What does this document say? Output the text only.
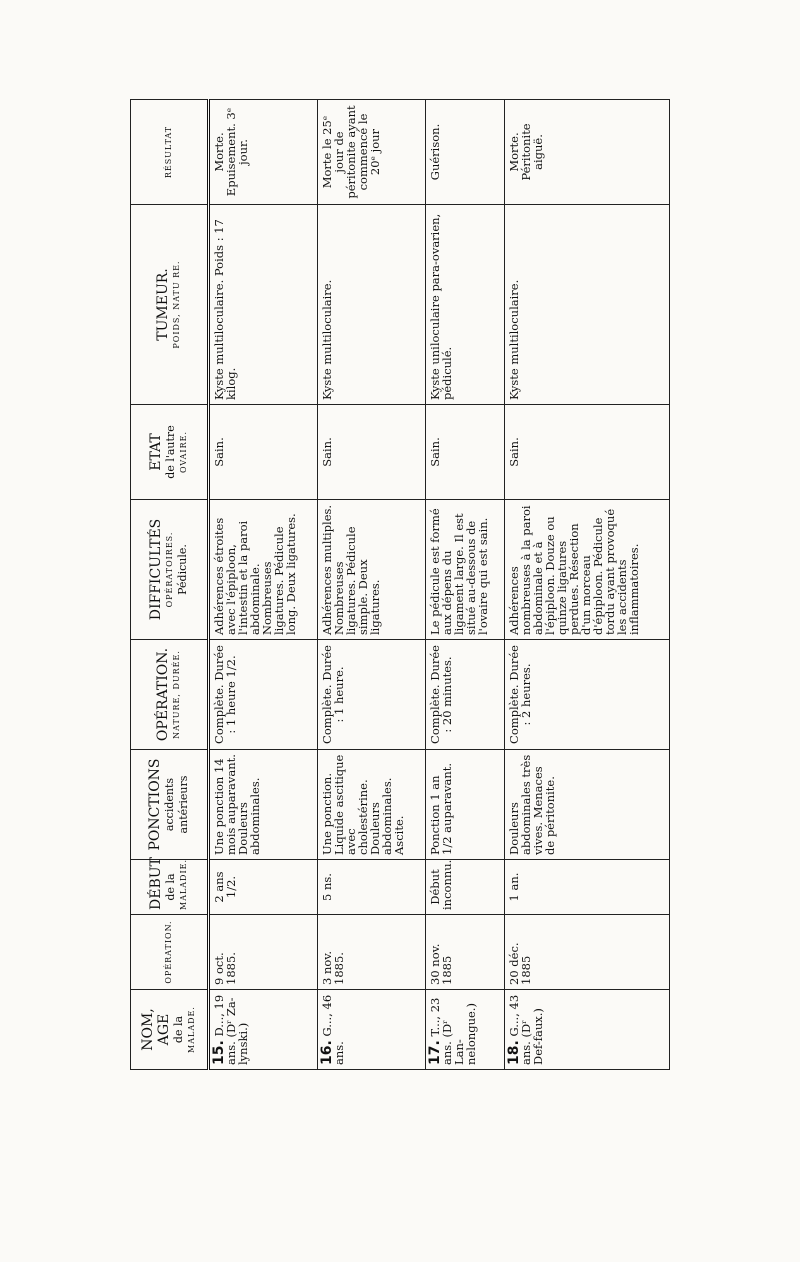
NOM, AGE de la MALADE.	OPÉRATION.	DÉBUT de la MALADIE.	PONCTIONS accidents antérieurs	OPÉRATION. NATURE, DURÉE.	DIFFICULTÉS OPÉRATOIRES. Pédicule.	ETAT de l'autre OVAIRE.	TUMEUR. POIDS, NATU RE.	RÉSULTAT

15. D..., 19 ans. (Dʳ Za-lynski.)	9 oct. 1885.	2 ans 1/2.	Une ponction 14 mois auparavant. Douleurs abdominales.	Complète. Durée : 1 heure 1/2.	Adhérences étroites avec l'épiploon, l'intestin et la paroi abdominale. Nombreuses ligatures. Pédicule long. Deux ligatures.	Sain.	Kyste multiloculaire. Poids : 17 kilog.	Morte. Epuisement. 3ᵉ jour.
16. G..., 46 ans.	3 nov. 1885.	5 ns.	Une ponction. Liquide ascitique avec cholestérine. Douleurs abdominales. Ascite.	Complète. Durée : 1 heure.	Adhérences multiples. Nombreuses ligatures. Pédicule simple. Deux ligatures.	Sain.	Kyste multiloculaire.	Morte le 25ᵉ jour de péritonite ayant commencé le 20ᵉ jour
17. T..., 23 ans. (Dʳ Lan-nelongue.)	30 nov. 1885	Début inconnu.	Ponction 1 an 1/2 auparavant.	Complète. Durée : 20 minutes.	Le pédicule est formé aux dépens du ligament large. Il est situé au-dessous de l'ovaire qui est sain.	Sain.	Kyste uniloculaire para-ovarien, pédiculé.	Guérison.
18. G..., 43 ans. (Dʳ Def-faux.)	20 déc. 1885	1 an.	Douleurs abdominales très vives. Menaces de péritonite.	Complète. Durée : 2 heures.	Adhérences nombreuses à la paroi abdominale et à l'épiploon. Douze ou quinze ligatures perdues. Résection d'un morceau d'épiploon. Pédicule tordu ayant provoqué les accidents inflammatoires.	Sain.	Kyste multiloculaire.	Morte. Péritonite aiguë.
